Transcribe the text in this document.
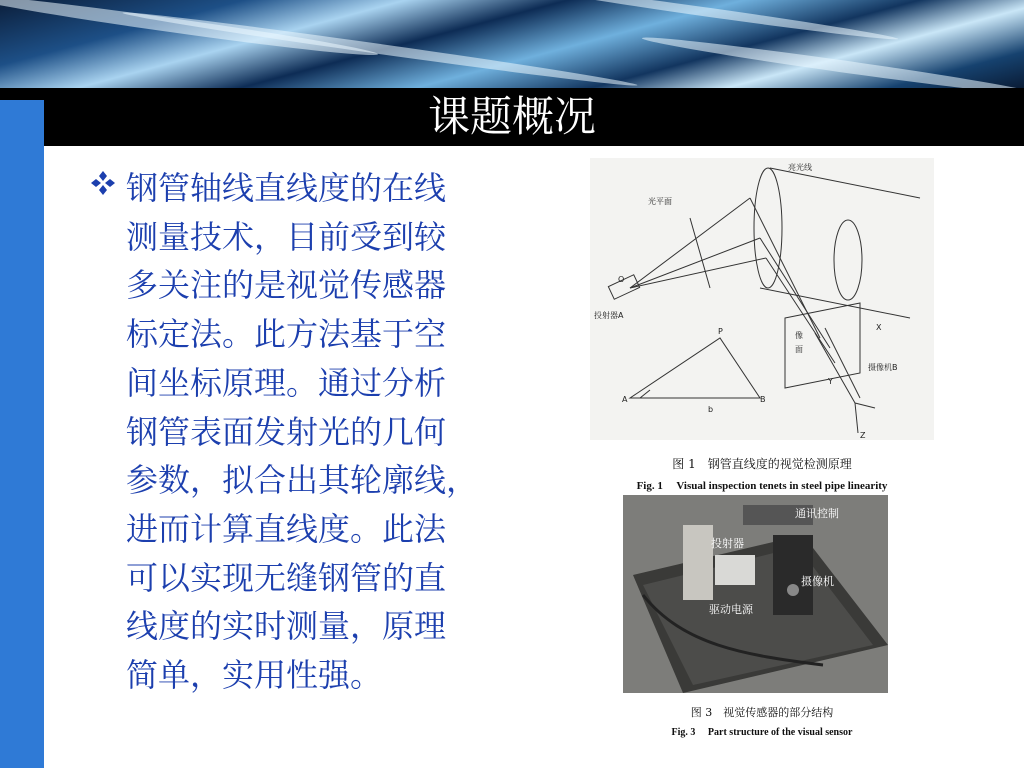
课题概况
钢管轴线直线度的在线
测量技术，目前受到较
多关注的是视觉传感器
标定法。此方法基于空
间坐标原理。通过分析
钢管表面发射光的几何
参数，拟合出其轮廓线，
进而计算直线度。此法
可以实现无缝钢管的直
线度的实时测量，原理
简单，实用性强。
亮光线
光平面
投射器A
像
面
摄像机B
O
P
A	B
b
X
Y
Z
图 1　钢管直线度的视觉检测原理
Fig. 1　 Visual inspection tenets in steel pipe linearity
通讯控制
投射器
摄像机
驱动电源
图 3　视觉传感器的部分结构
Fig. 3　 Part structure of the visual sensor
